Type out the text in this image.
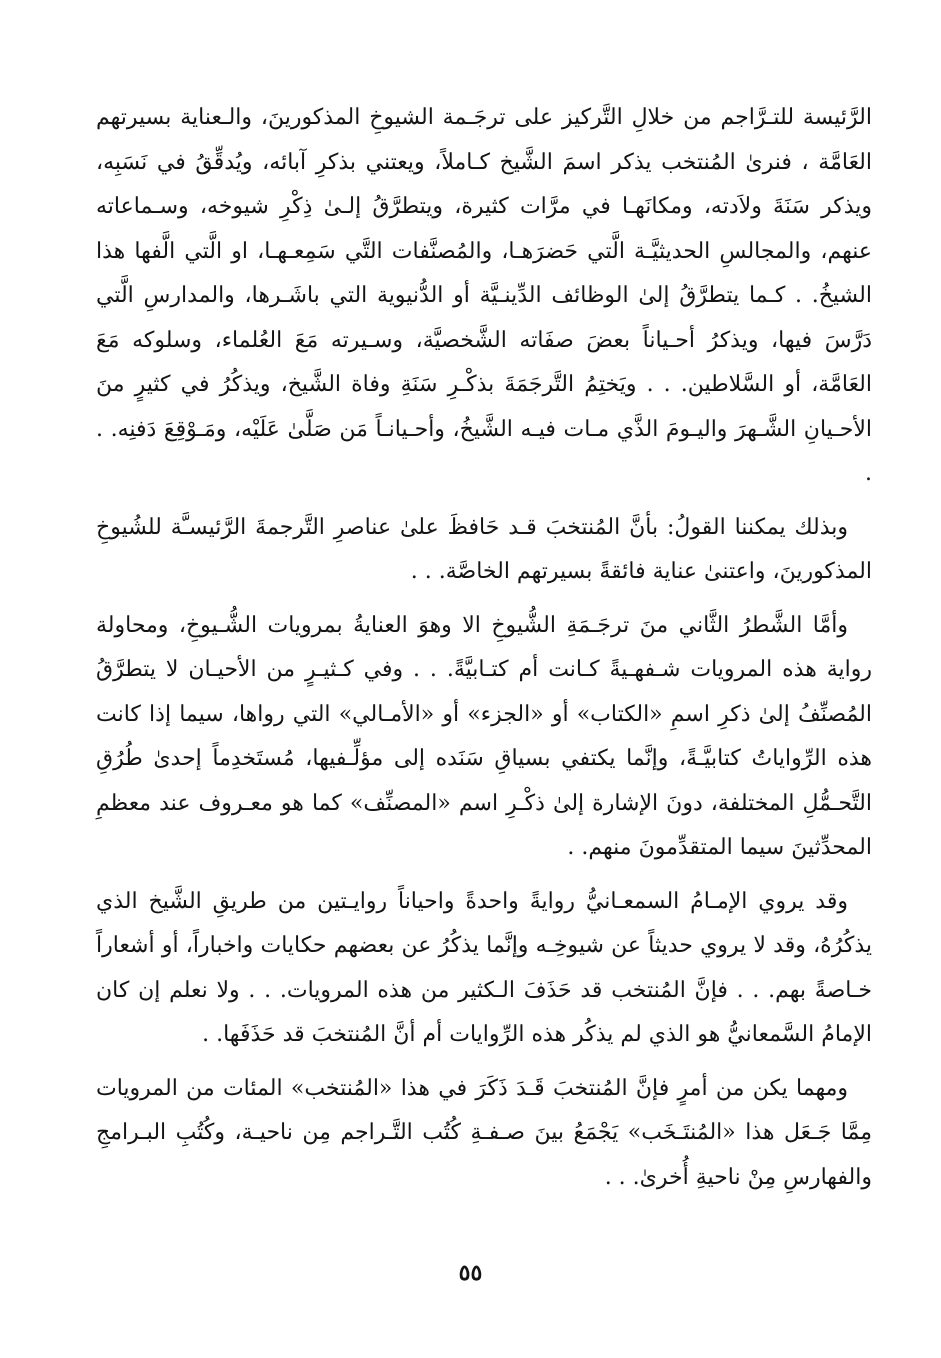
الرَّئيسة للتـرَّاجم من خلالِ التَّركيز على ترجَـمة الشيوخِ المذكورينَ، والـعناية بسيرتهم العَامَّة ، فنرىٰ المُنتخب يذكر اسمَ الشَّيخ كـاملاً، ويعتني بذكرِ آبائه، ويُدقِّقُ في نَسَبِه، ويذكر سَنَةَ ولاَدته، ومكانَهـا في مرَّات كثيرة، ويتطرَّقُ إلـىٰ ذِكْرِ شيوخه، وسـماعاته عنهم، والمجالسِ الحديثيَّـة الَّتي حَضرَهـا، والمُصنَّفات التَّي سَمِعـهـا، او الَّتي الَّفها هذا الشيخُ. . كـما يتطرَّقُ إلىٰ الوظائف الدِّينـيَّة أو الدُّنيوية التي باشَـرها، والمدارسِ الَّتي دَرَّسَ فيها، ويذكرُ أحـياناً بعضَ صفَاته الشَّخصيَّة، وسـيرته مَعَ العُلماء، وسلوكه مَعَ العَامَّة، أو السَّلاطين. . . ويَختِمُ التَّرجَمَةَ بذكْـرِ سَنَةِ وفاة الشَّيخ، ويذكُرُ في كثيرٍ منَ الأحـيانِ الشَّـهرَ واليـومَ الذَّي مـات فيـه الشَّيخُ، وأحـيانـاً مَن صَلَّىٰ عَلَيْه، ومَـوْقِعَ دَفنِه. . .

وبذلك يمكننا القولُ: بأنَّ المُنتخبَ قـد حَافظَ علىٰ عناصرِ التَّرجمةَ الرَّئيسـَّة للشُيوخِ المذكورينَ، واعتنىٰ عناية فائقةً بسيرتهم الخاصَّة. . .

وأمَّا الشَّطرُ الثَّاني منَ ترجَـمَةِ الشُّيوخِ الا وهوَ العنايةُ بمرويات الشُّـيوخِ، ومحاولة رواية هذه المرويات شـفهـيةً كـانت أم كتـابيَّةً. . . وفي كـثيـرٍ من الأحيـان لا يتطرَّقُ المُصنِّفُ إلىٰ ذكرِ اسمِ «الكتاب» أو «الجزء» أو «الأمـالي» التي رواها، سيما إذا كانت هذه الرِّواياتُ كتابيَّـةً، وإنَّما يكتفي بسياقِ سَنَده إلى مؤلِّـفيها، مُستَخدِماً إحدىٰ طُرُقِ التَّحـمُّلِ المختلفة، دونَ الإشارة إلىٰ ذكْـرِ اسم «المصنِّف» كما هو معـروف عند معظمِ المحدِّثينَ سيما المتقدِّمونَ منهم. .

وقد يروي الإمـامُ السمعـانيُّ روايةً واحدةً واحياناً روايـتين من طريقِ الشَّيخ الذي يذكُرُهُ، وقد لا يروي حديثاً عن شيوخِـه وإنَّما يذكُرُ عن بعضهم حكايات واخباراً، أو أشعاراً خـاصةً بهم. . . فإنَّ المُنتخب قد حَذَفَ الـكثير من هذه المرويات. . . ولا نعلم إن كان الإمامُ السَّمعانيُّ هو الذي لم يذكُر هذه الرِّوايات أم أنَّ المُنتخبَ قد حَذَفَها. .

ومهما يكن من أمرٍ فإنَّ المُنتخبَ قَـدَ ذَكَرَ في هذا «المُنتخب» المئات من المرويات مِمَّا جَـعَل هذا «المُنتَـخَب» يَجْمَعُ بينَ صـفـةِ كُتُب التَّـراجم مِن ناحيـة، وكُتُبِ البـرامجِ والفهارسِ مِنْ ناحيةِ أُخرىٰ. . .

٥٥
